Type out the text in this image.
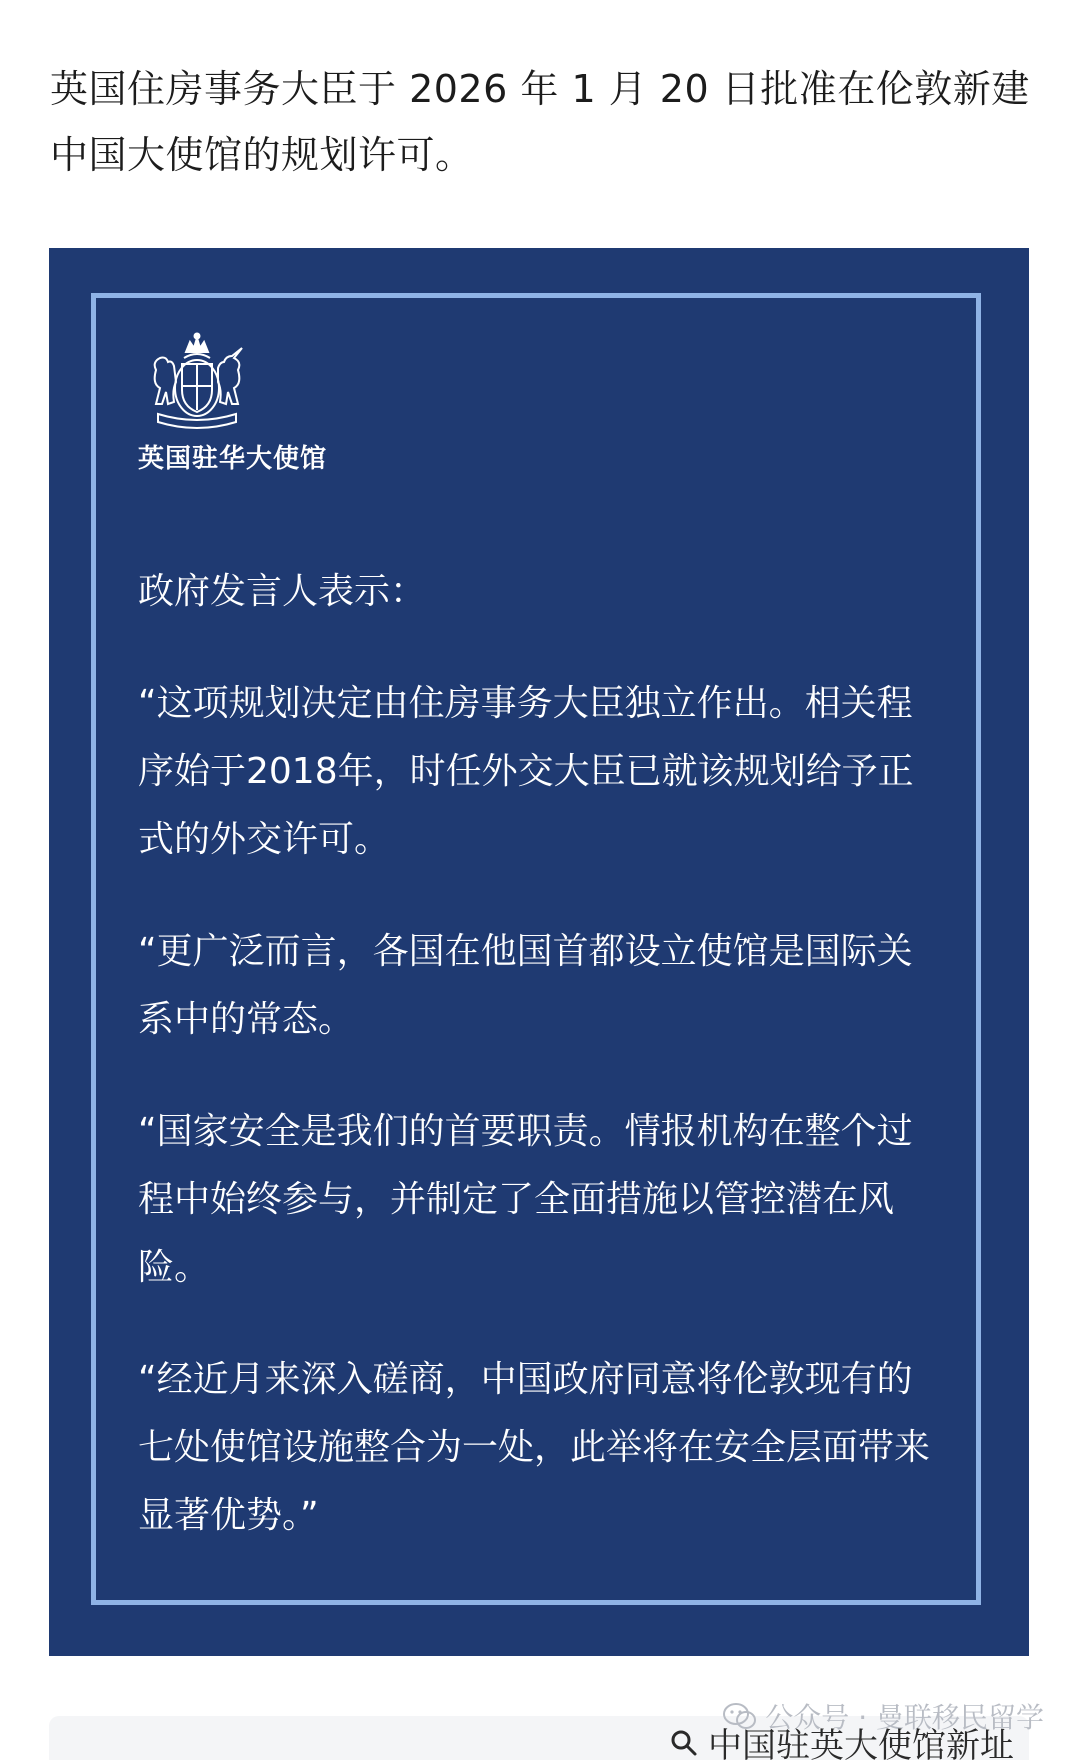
英国住房事务大臣于 2026 年 1 月 20 日批准在伦敦新建中国大使馆的规划许可。

英国驻华大使馆

政府发言人表示：

“这项规划决定由住房事务大臣独立作出。相关程序始于2018年，时任外交大臣已就该规划给予正式的外交许可。

“更广泛而言，各国在他国首都设立使馆是国际关系中的常态。

“国家安全是我们的首要职责。情报机构在整个过程中始终参与，并制定了全面措施以管控潜在风险。

“经近月来深入磋商，中国政府同意将伦敦现有的七处使馆设施整合为一处，此举将在安全层面带来显著优势。”

公众号 · 曼联移民留学
中国驻英大使馆新址
